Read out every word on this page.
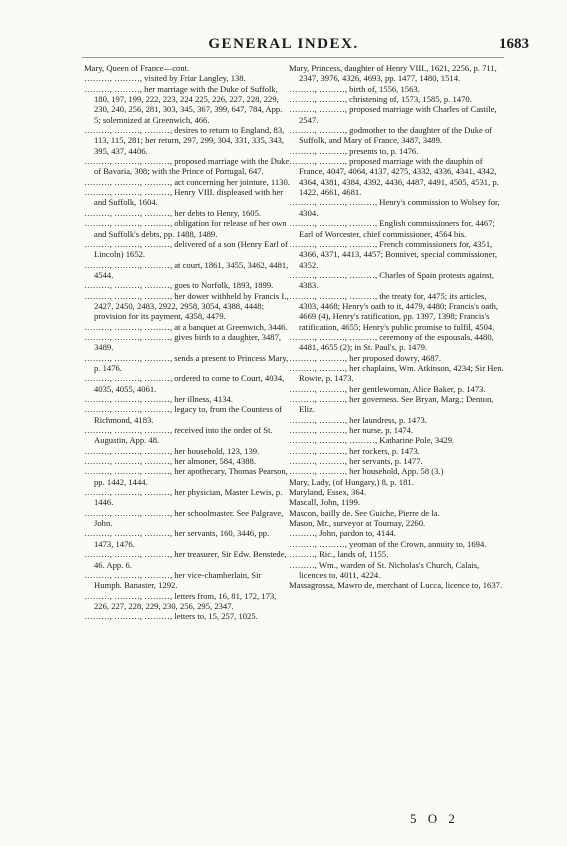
GENERAL INDEX.	1683

Mary, Queen of France—cont.

………, ………, visited by Friar Langley, 138.

………, ………, her marriage with the Duke of Suffolk, 180, 197, 199, 222, 223, 224 225, 226, 227, 228, 229, 230, 240, 256, 281, 303, 345, 367, 399, 647, 784, App. 5; solemnized at Greenwich, 466.

………, ………, ………, desires to return to England, 83, 113, 115, 281; her return, 297, 299, 304, 331, 335, 343, 395, 437, 4406.

………, ………, ………, proposed marriage with the Duke of Bavaria, 308; with the Prince of Portugal, 647.

………, ………, ………, act concerning her jointure, 1130.

………, ………, ………, Henry VIII. displeased with her and Suffolk, 1604.

………, ………, ………, her debts to Henry, 1605.

………, ………, ………, obligation for release of her own and Suffolk's debts, pp. 1488, 1489.

………, ………, ………, delivered of a son (Henry Earl of Lincoln) 1652.

………, ………, ………, at court, 1861, 3455, 3462, 4481, 4544.

………, ………, ………, goes to Norfolk, 1893, 1899.

………, ………, ………, her dower withheld by Francis I., 2427, 2450, 2483, 2922, 2958, 3054, 4388, 4448; provision for its payment, 4358, 4479.

………, ………, ………, at a banquet at Greenwich, 3446.

………, ………, ………, gives birth to a daughter, 3487, 3489.

………, ………, ………, sends a present to Princess Mary, p. 1476.

………, ………, ………, ordered to come to Court, 4034, 4035, 4055, 4061.

………, ………, ………, her illness, 4134.

………, ………, ………, legacy to, from the Countess of Richmond, 4183.

………, ………, ………, received into the order of St. Augustin, App. 48.

………, ………, ………, her household, 123, 139.

………, ………, ………, her almoner, 584, 4388.

………, ………, ………, her apothecary, Thomas Pearson, pp. 1442, 1444.

………, ………, ………, her physician, Master Lewis, p. 1446.

………, ………, ………, her schoolmaster. See Palgrave, John.

………, ………, ………, her servants, 160, 3446, pp. 1473, 1476.

………, ………, ………, her treasurer, Sir Edw. Benstede, 46. App. 6.

………, ………, ………, her vice-chamberlain, Sir Humph. Banaster, 1292.

………, ………, ………, letters from, 16, 81, 172, 173, 226, 227, 228, 229, 230, 256, 295, 2347.

………, ………, ………, letters to, 15, 257, 1025.

Mary, Princess, daughter of Henry VIII., 1621, 2256, p. 711, 2347, 3976, 4326, 4693, pp. 1477, 1480, 1514.

………, ………, birth of, 1556, 1563.

………, ………, christening of, 1573, 1585, p. 1470.

………, ………, proposed marriage with Charles of Castile, 2547.

………, ………, godmother to the daughter of the Duke of Suffolk, and Mary of France, 3487, 3489.

………, ………, presents to, p. 1476.

………, ………, proposed marriage with the dauphin of France, 4047, 4064, 4137, 4275, 4332, 4336, 4341, 4342, 4364, 4381, 4384, 4392, 4436, 4487, 4491, 4505, 4531, p. 1422, 4661, 4681.

………, ………, ………, Henry's commission to Wolsey for, 4304.

………, ………, ………, English commissioners for, 4467; Earl of Worcester, chief commissioner, 4564 bis.

………, ………, ………, French commissioners for, 4351, 4366, 4371, 4413, 4457; Bonnivet, special commissioner, 4352.

………, ………, ………, Charles of Spain protests against, 4383.

………, ………, ………, the treaty for, 4475; its articles, 4303, 4468; Henry's oath to it, 4479, 4480; Francis's oath, 4669 (4), Henry's ratification, pp. 1397, 1398; Francis's ratification, 4655; Henry's public promise to fulfil, 4504.

………, ………, ………, ceremony of the espousals, 4480, 4481, 4655 (2); in St. Paul's, p. 1479.

………, ………, her proposed dowry, 4687.

………, ………, her chaplains, Wm. Atkinson, 4234; Sir Hen. Rowte, p. 1473.

………, ………, her gentlewoman, Alice Baker, p. 1473.

………, ………, her governess. See Bryan, Marg.; Denton, Eliz.

………, ………, her laundress, p. 1473.

………, ………, her nurse, p. 1474.

………, ………, ………, Katharine Pole, 3429.

………, ………, her rockers, p. 1473.

………, ………, her servants, p. 1477.

………, ………, her household, App. 58 (3.)

Mary, Lady, (of Hungary,) 8, p. 181.

Maryland, Essex, 364.

Mascall, John, 1199.

Mascon, bailly de. See Guiche, Pierre de la.

Mason, Mr., surveyor at Tournay, 2260.

………, John, pardon to, 4144.

………, ………, yeoman of the Crown, annuity to, 1694.

………, Ric., lands of, 1155.

………, Wm., warden of St. Nicholas's Church, Calais, licences to, 4011, 4224.

Massagrossa, Mawro de, merchant of Lucca, licence to, 1637.

5 O 2
